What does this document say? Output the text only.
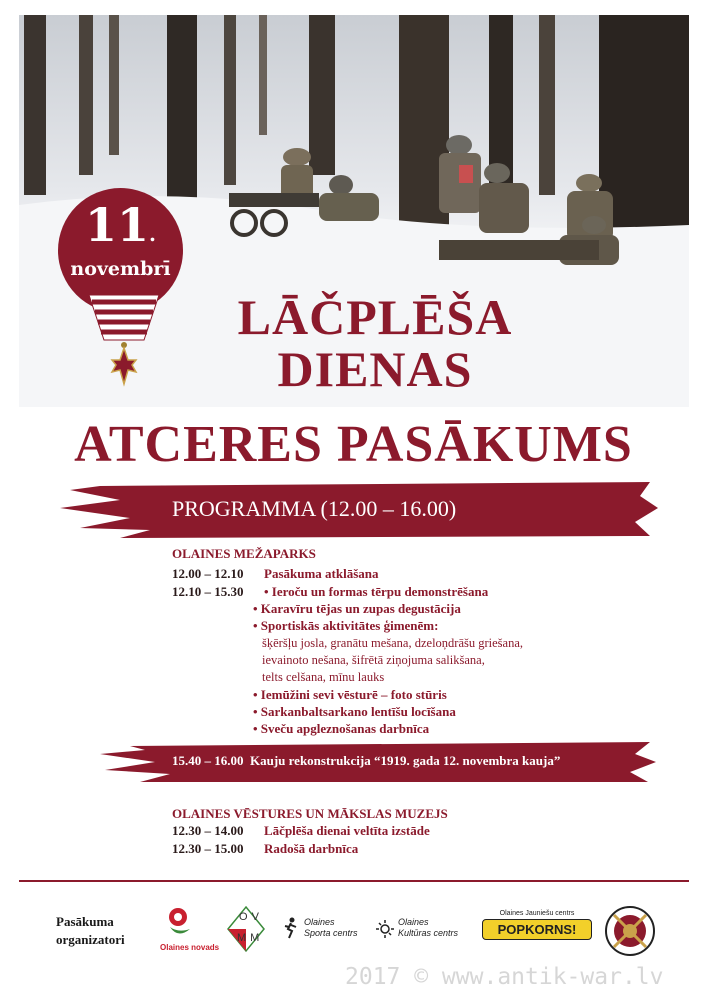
11.
novembrī
LĀČPLĒŠA
DIENAS
ATCERES PASĀKUMS
PROGRAMMA (12.00 – 16.00)
OLAINES MEŽAPARKS
12.00 – 12.10 Pasākuma atklāšana
12.10 – 15.30 • Ieroču un formas tērpu demonstrēšana
• Karavīru tējas un zupas degustācija
• Sportiskās aktivitātes ģimenēm:
šķēršļu josla, granātu mešana, dzeloņdrāšu griešana,
ievainoto nešana, šifrētā ziņojuma salikšana,
telts celšana, mīnu lauks
• Iemūžini sevi vēsturē – foto stūris
• Sarkanbaltsarkano lentīšu locīšana
• Sveču apgleznošanas darbnīca
15.40 – 16.00 Kauju rekonstrukcija “1919. gada 12. novembra kauja”
OLAINES VĒSTURES UN MĀKSLAS MUZEJS
12.30 – 14.00 Lāčplēša dienai veltīta izstāde
12.30 – 15.00 Radošā darbnīca
Pasākuma
organizatori
Olaines novads
OV
MM
Olaines
Sporta centrs
Olaines
Kultūras centrs
Olaines Jauniešu centrs
POPKORNS!
2017 © www.antik-war.lv
